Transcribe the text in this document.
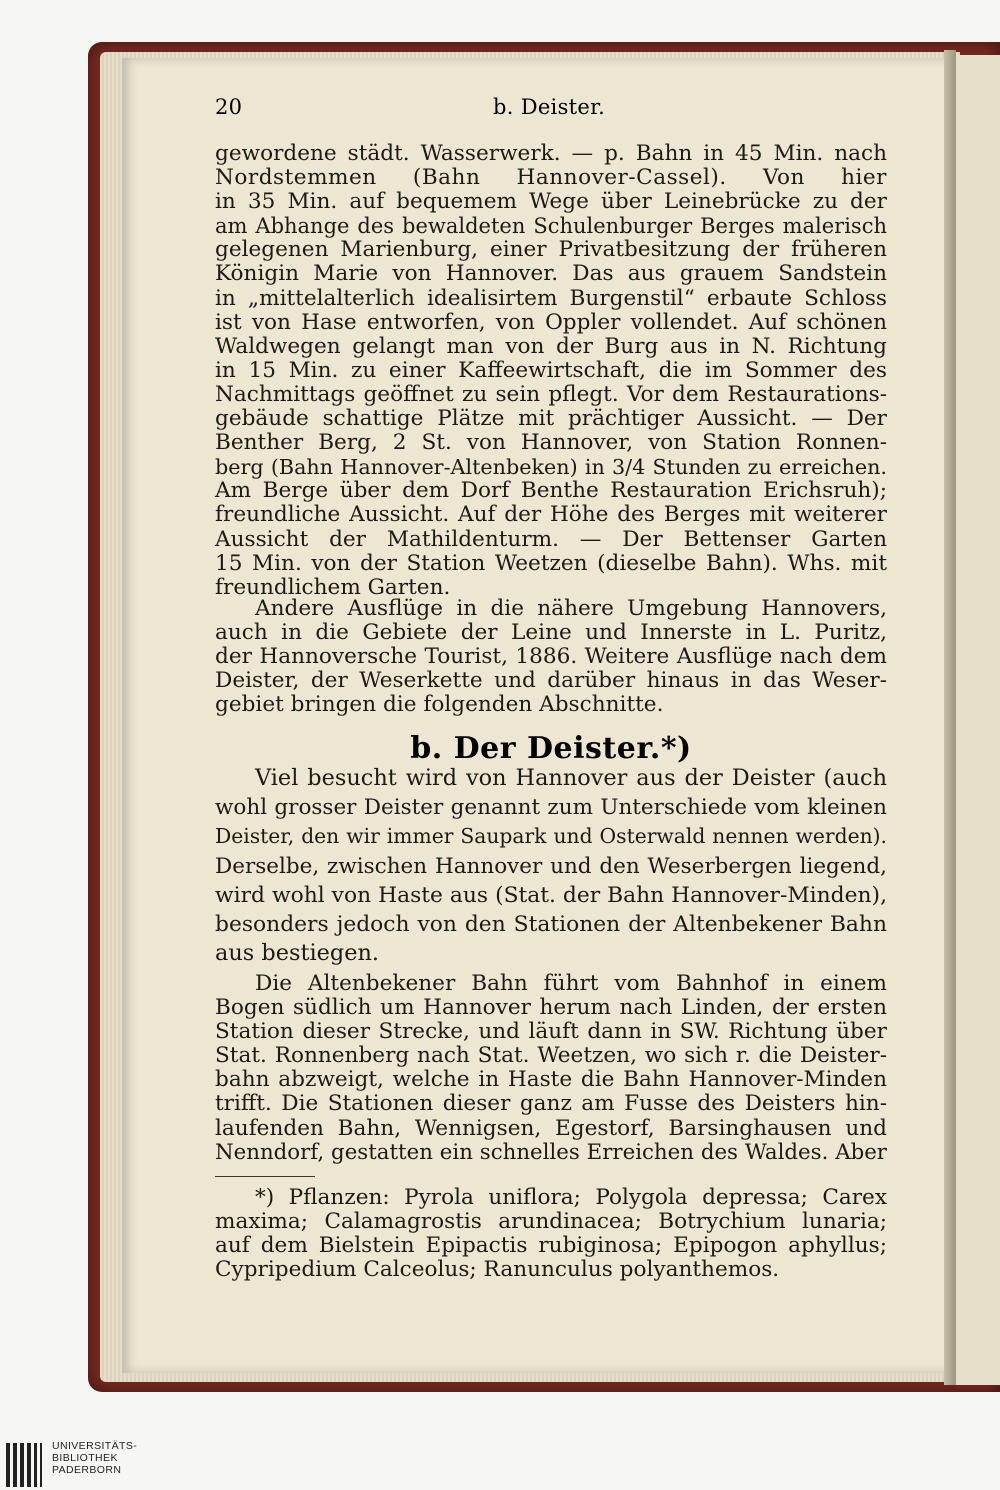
20	b. Deister.
gewordene städt. Wasserwerk. — p. Bahn in 45 Min. nach
Nordstemmen (Bahn Hannover-Cassel). Von hier
in 35 Min. auf bequemem Wege über Leinebrücke zu der
am Abhange des bewaldeten Schulenburger Berges malerisch
gelegenen Marienburg, einer Privatbesitzung der früheren
Königin Marie von Hannover. Das aus grauem Sandstein
in „mittelalterlich idealisirtem Burgenstil“ erbaute Schloss
ist von Hase entworfen, von Oppler vollendet. Auf schönen
Waldwegen gelangt man von der Burg aus in N. Richtung
in 15 Min. zu einer Kaffeewirtschaft, die im Sommer des
Nachmittags geöffnet zu sein pflegt. Vor dem Restaurations-
gebäude schattige Plätze mit prächtiger Aussicht. — Der
Benther Berg, 2 St. von Hannover, von Station Ronnen-
berg (Bahn Hannover-Altenbeken) in 3/4 Stunden zu erreichen.
Am Berge über dem Dorf Benthe Restauration Erichsruh);
freundliche Aussicht. Auf der Höhe des Berges mit weiterer
Aussicht der Mathildenturm. — Der Bettenser Garten
15 Min. von der Station Weetzen (dieselbe Bahn). Whs. mit
freundlichem Garten.
Andere Ausflüge in die nähere Umgebung Hannovers,
auch in die Gebiete der Leine und Innerste in L. Puritz,
der Hannoversche Tourist, 1886. Weitere Ausflüge nach dem
Deister, der Weserkette und darüber hinaus in das Weser-
gebiet bringen die folgenden Abschnitte.
b. Der Deister.*)
Viel besucht wird von Hannover aus der Deister (auch
wohl grosser Deister genannt zum Unterschiede vom kleinen
Deister, den wir immer Saupark und Osterwald nennen werden).
Derselbe, zwischen Hannover und den Weserbergen liegend,
wird wohl von Haste aus (Stat. der Bahn Hannover-Minden),
besonders jedoch von den Stationen der Altenbekener Bahn
aus bestiegen.
Die Altenbekener Bahn führt vom Bahnhof in einem
Bogen südlich um Hannover herum nach Linden, der ersten
Station dieser Strecke, und läuft dann in SW. Richtung über
Stat. Ronnenberg nach Stat. Weetzen, wo sich r. die Deister-
bahn abzweigt, welche in Haste die Bahn Hannover-Minden
trifft. Die Stationen dieser ganz am Fusse des Deisters hin-
laufenden Bahn, Wennigsen, Egestorf, Barsinghausen und
Nenndorf, gestatten ein schnelles Erreichen des Waldes. Aber
*) Pflanzen: Pyrola uniflora; Polygola depressa; Carex
maxima; Calamagrostis arundinacea; Botrychium lunaria;
auf dem Bielstein Epipactis rubiginosa; Epipogon aphyllus;
Cypripedium Calceolus; Ranunculus polyanthemos.
UNIVERSITÄTS-
BIBLIOTHEK
PADERBORN
